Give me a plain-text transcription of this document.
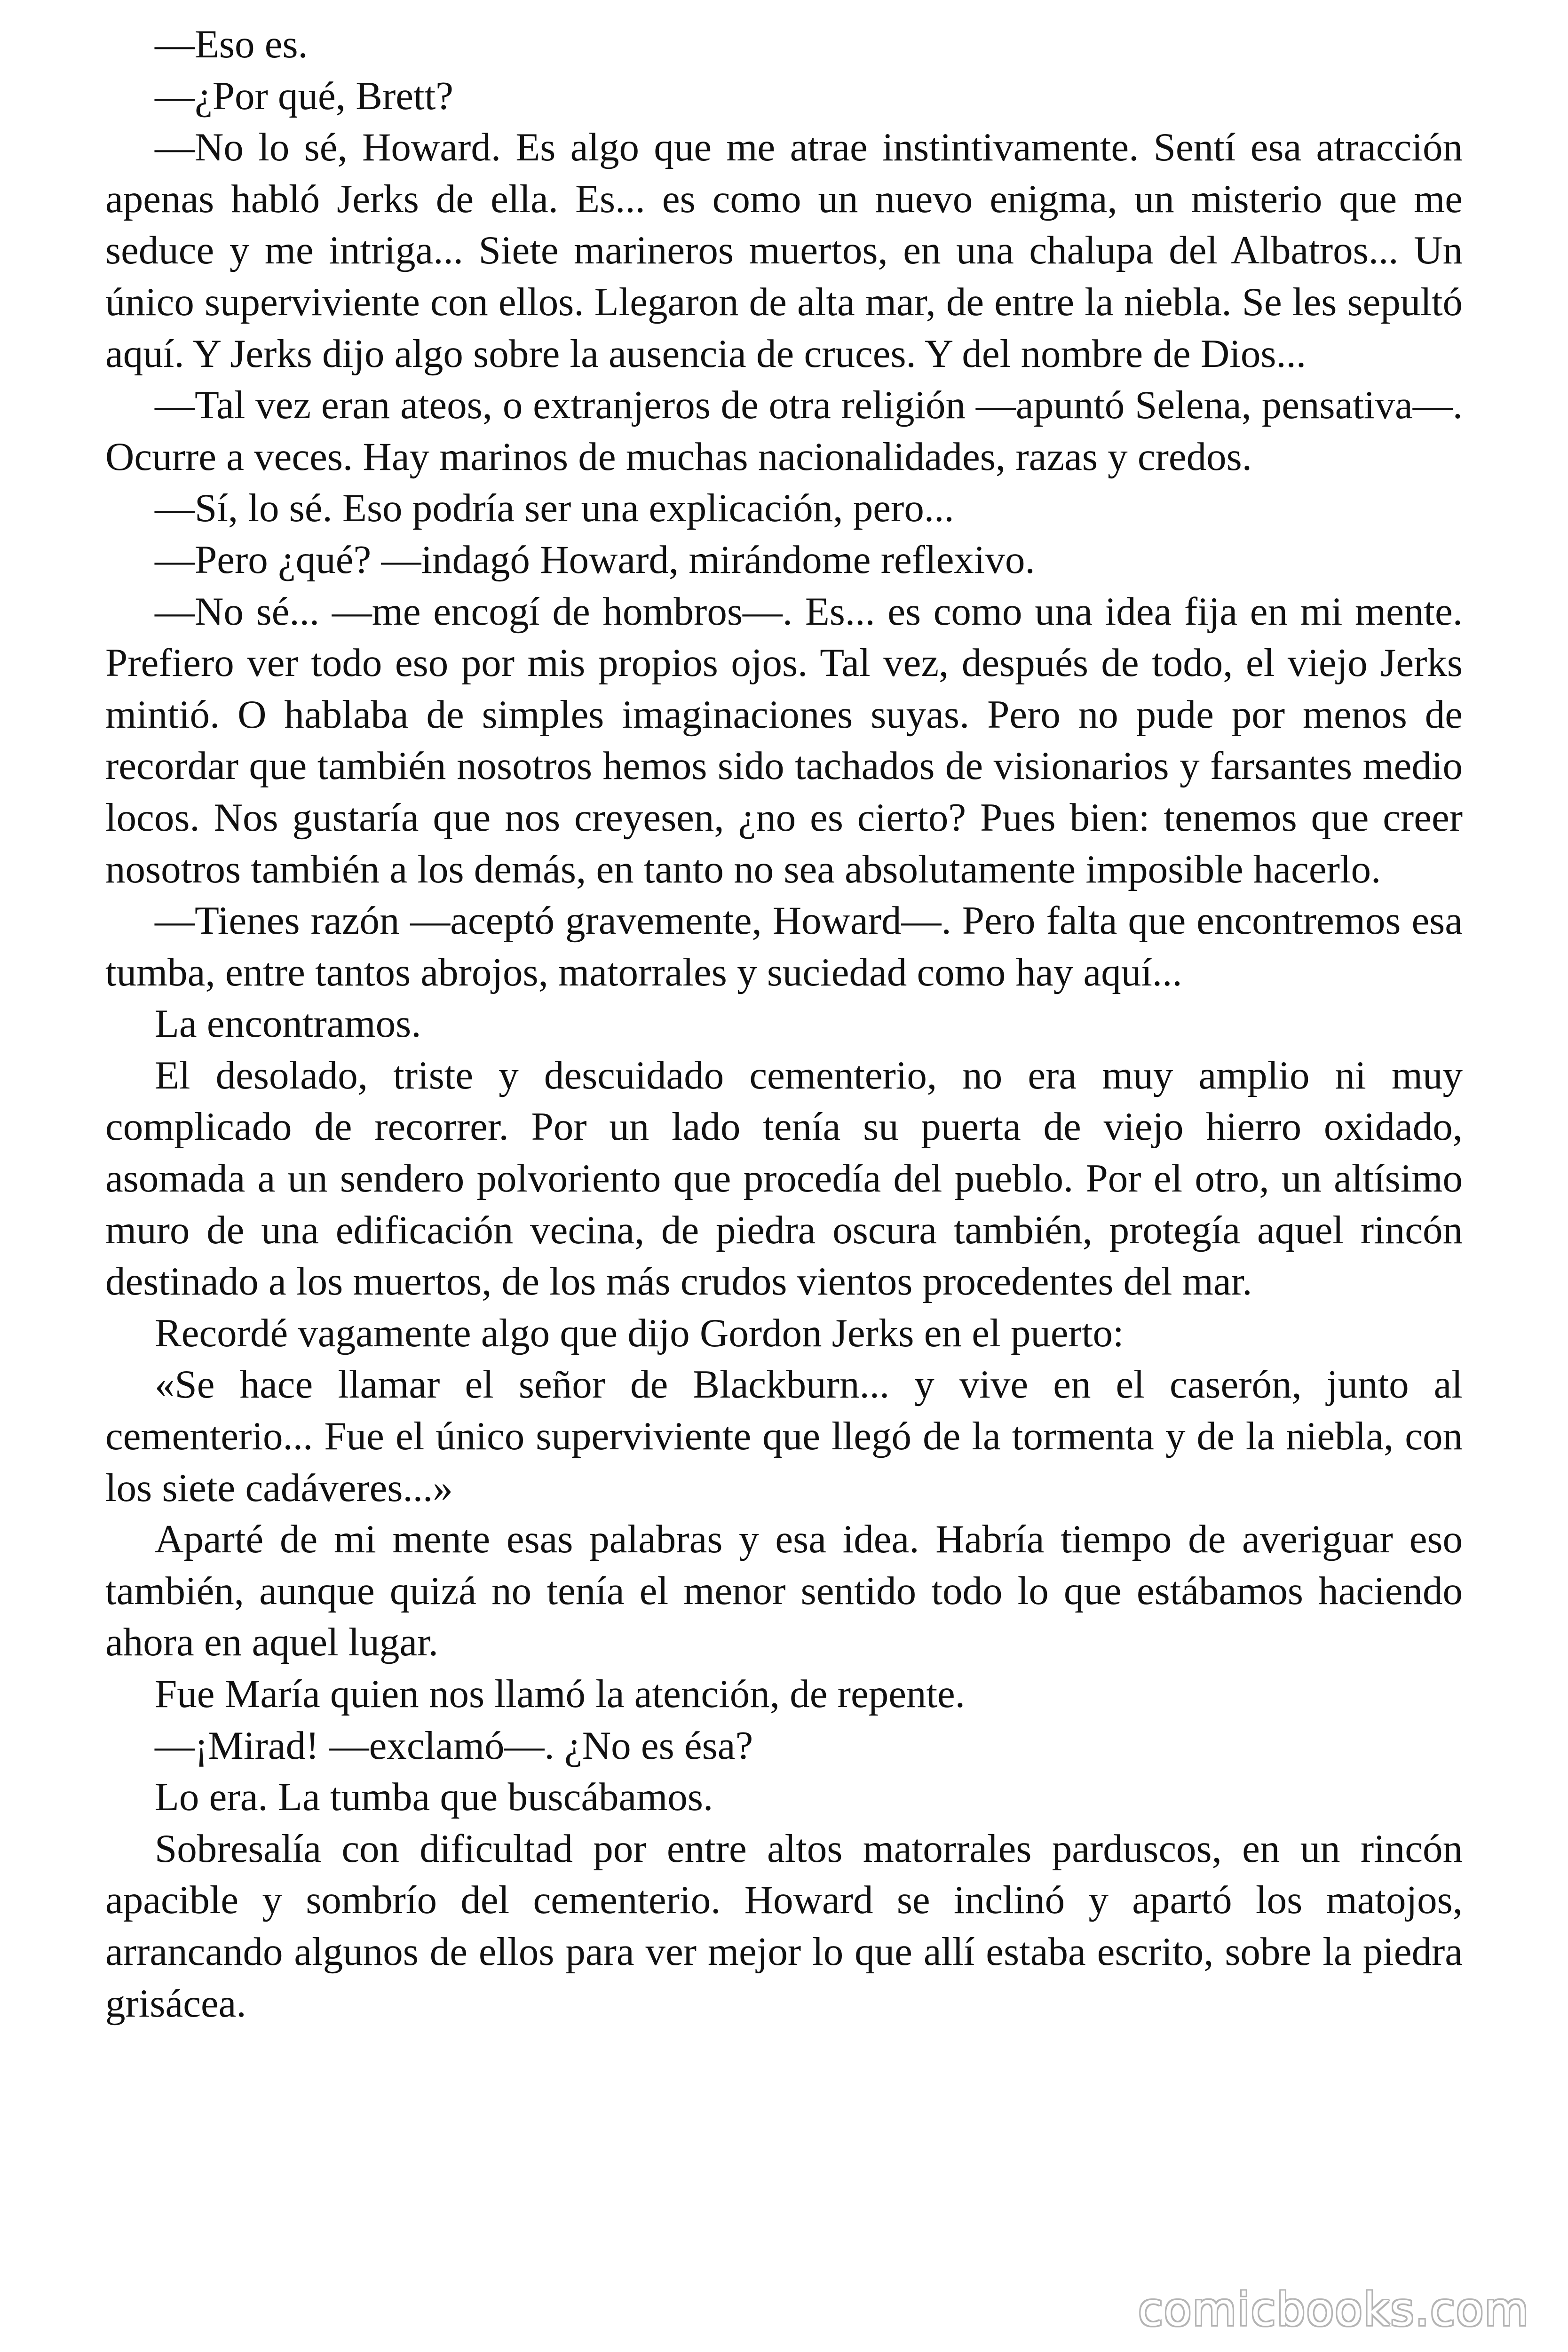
—Eso es.

—¿Por qué, Brett?

—No lo sé, Howard. Es algo que me atrae instintivamente. Sentí esa atracción apenas habló Jerks de ella. Es... es como un nuevo enigma, un misterio que me seduce y me intriga... Siete marineros muertos, en una chalupa del Albatros... Un único superviviente con ellos. Llegaron de alta mar, de entre la niebla. Se les sepultó aquí. Y Jerks dijo algo sobre la ausencia de cruces. Y del nombre de Dios...

—Tal vez eran ateos, o extranjeros de otra religión —apuntó Selena, pensativa—. Ocurre a veces. Hay marinos de muchas nacionalidades, razas y credos.

—Sí, lo sé. Eso podría ser una explicación, pero...

—Pero ¿qué? —indagó Howard, mirándome reflexivo.

—No sé... —me encogí de hombros—. Es... es como una idea fija en mi mente. Prefiero ver todo eso por mis propios ojos. Tal vez, después de todo, el viejo Jerks mintió. O hablaba de simples imaginaciones suyas. Pero no pude por menos de recordar que también nosotros hemos sido tachados de visionarios y farsantes medio locos. Nos gustaría que nos creyesen, ¿no es cierto? Pues bien: tenemos que creer nosotros también a los demás, en tanto no sea absolutamente imposible hacerlo.

—Tienes razón —aceptó gravemente, Howard—. Pero falta que encontremos esa tumba, entre tantos abrojos, matorrales y suciedad como hay aquí...

La encontramos.

El desolado, triste y descuidado cementerio, no era muy amplio ni muy complicado de recorrer. Por un lado tenía su puerta de viejo hierro oxidado, asomada a un sendero polvoriento que procedía del pueblo. Por el otro, un altísimo muro de una edificación vecina, de piedra oscura también, protegía aquel rincón destinado a los muertos, de los más crudos vientos procedentes del mar.

Recordé vagamente algo que dijo Gordon Jerks en el puerto:

«Se hace llamar el señor de Blackburn... y vive en el caserón, junto al cementerio... Fue el único superviviente que llegó de la tormenta y de la niebla, con los siete cadáveres...»

Aparté de mi mente esas palabras y esa idea. Habría tiempo de averiguar eso también, aunque quizá no tenía el menor sentido todo lo que estábamos haciendo ahora en aquel lugar.

Fue María quien nos llamó la atención, de repente.

—¡Mirad! —exclamó—. ¿No es ésa?

Lo era. La tumba que buscábamos.

Sobresalía con dificultad por entre altos matorrales parduscos, en un rincón apacible y sombrío del cementerio. Howard se inclinó y apartó los matojos, arrancando algunos de ellos para ver mejor lo que allí estaba escrito, sobre la piedra grisácea.

comicbooks.com
